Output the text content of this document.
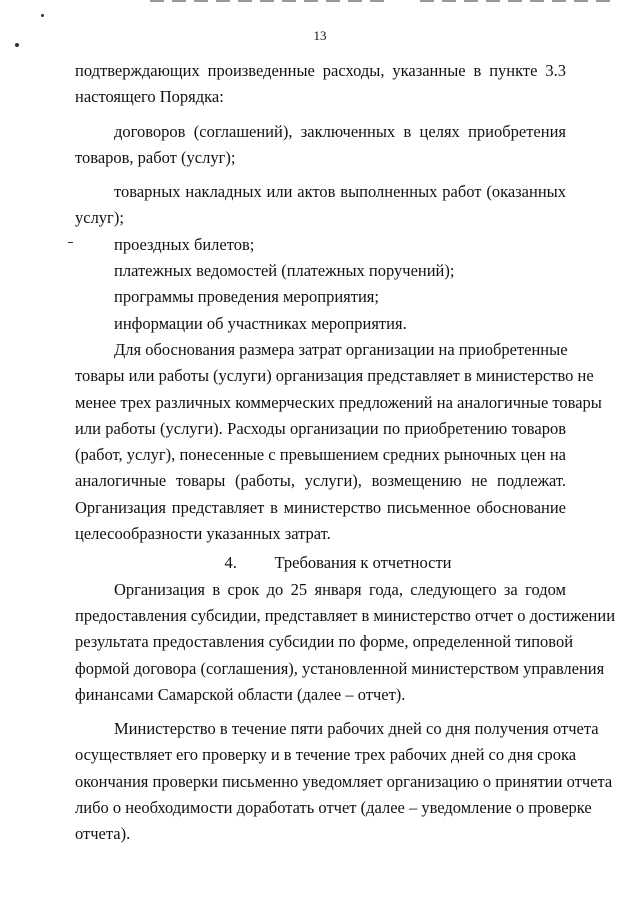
13
подтверждающих произведенные расходы, указанные в пункте 3.3
настоящего Порядка:
договоров (соглашений), заключенных в целях приобретения
товаров, работ (услуг);
товарных накладных или актов выполненных работ (оказанных
услуг);
проездных билетов;
платежных ведомостей (платежных поручений);
программы проведения мероприятия;
информации об участниках мероприятия.
Для обоснования размера затрат организации на приобретенные
товары или работы (услуги) организация представляет в министерство не
менее трех различных коммерческих предложений на аналогичные товары
или работы (услуги). Расходы организации по приобретению товаров
(работ, услуг), понесенные с превышением средних рыночных цен на
аналогичные товары (работы, услуги), возмещению не подлежат.
Организация представляет в министерство письменное обоснование
целесообразности указанных затрат.
4. Требования к отчетности
Организация в срок до 25 января года, следующего за годом
предоставления субсидии, представляет в министерство отчет о достижении
результата предоставления субсидии по форме, определенной типовой
формой договора (соглашения), установленной министерством управления
финансами Самарской области (далее – отчет).
Министерство в течение пяти рабочих дней со дня получения отчета
осуществляет его проверку и в течение трех рабочих дней со дня срока
окончания проверки письменно уведомляет организацию о принятии отчета
либо о необходимости доработать отчет (далее – уведомление о проверке
отчета).
